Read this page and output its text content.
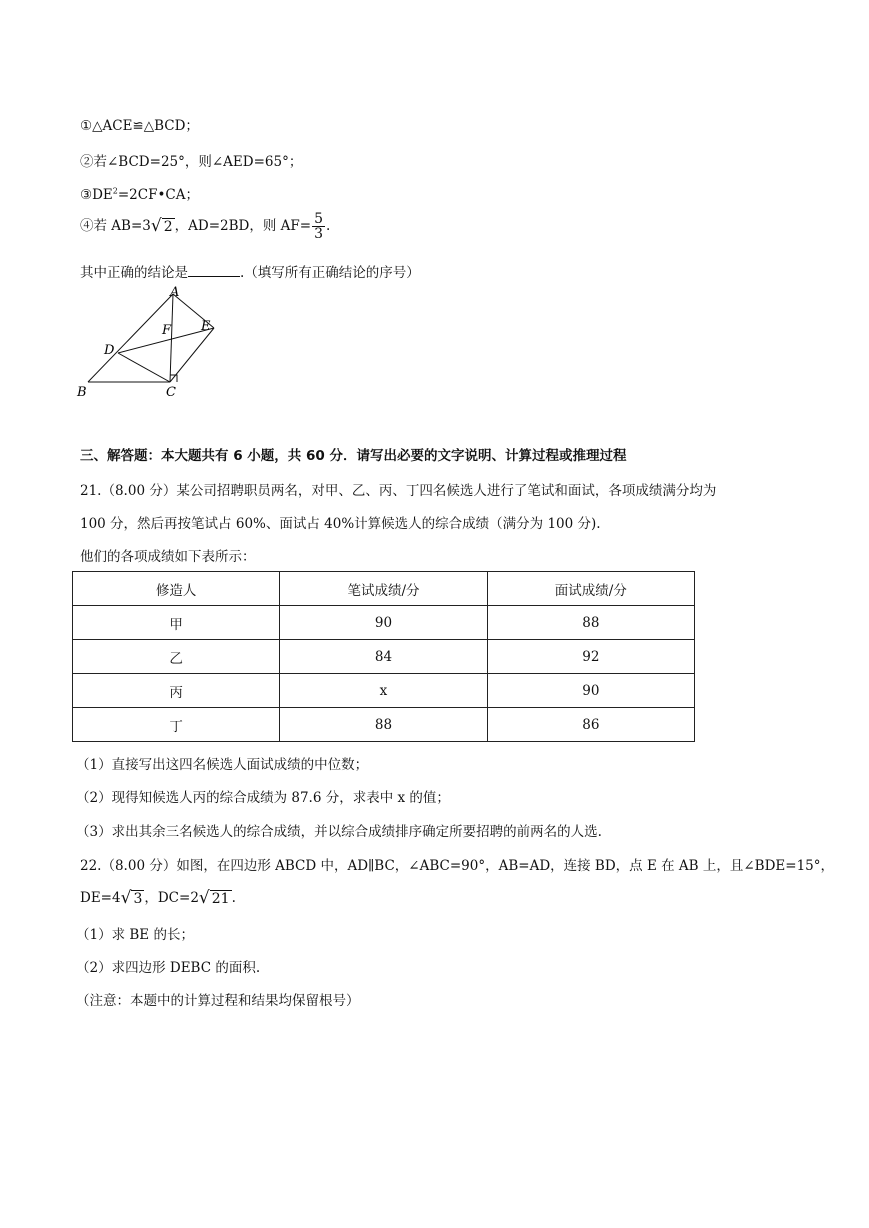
①△ACE≌△BCD；
②若∠BCD=25°，则∠AED=65°；
$③DE^2=2CF•CA$；
④若 AB=3 √ 2 ，AD=2BD，则 $AF= \frac{5}{3}$ .
其中正确的结论是	.（填写所有正确结论的序号）
A
E
F
D
B	C
三、解答题：本大题共有 6 小题，共 60 分．请写出必要的文字说明、计算过程或推理过程
21.（8.00 分）某公司招聘职员两名，对甲、乙、丙、丁四名候选人进行了笔试和面试，各项成绩满分均为
100 分，然后再按笔试占 60%、面试占 40%计算候选人的综合成绩（满分为 100 分).
他们的各项成绩如下表所示：
修造人	笔试成绩/分	面试成绩/分
甲	90	88
乙	84	92
丙	x	90
丁	88	86
（1）直接写出这四名候选人面试成绩的中位数；
（2）现得知候选人丙的综合成绩为 87.6 分，求表中 x 的值；
（3）求出其余三名候选人的综合成绩，并以综合成绩排序确定所要招聘的前两名的人选.
22.（8.00 分）如图，在四边形 ABCD 中，AD∥BC，∠ABC=90°，AB=AD，连接 BD，点 E 在 AB 上，且∠BDE=15°，
DE=4 √ 3 ，DC=2 √ 21 .
（1）求 BE 的长；
（2）求四边形 DEBC 的面积.
（注意：本题中的计算过程和结果均保留根号）
